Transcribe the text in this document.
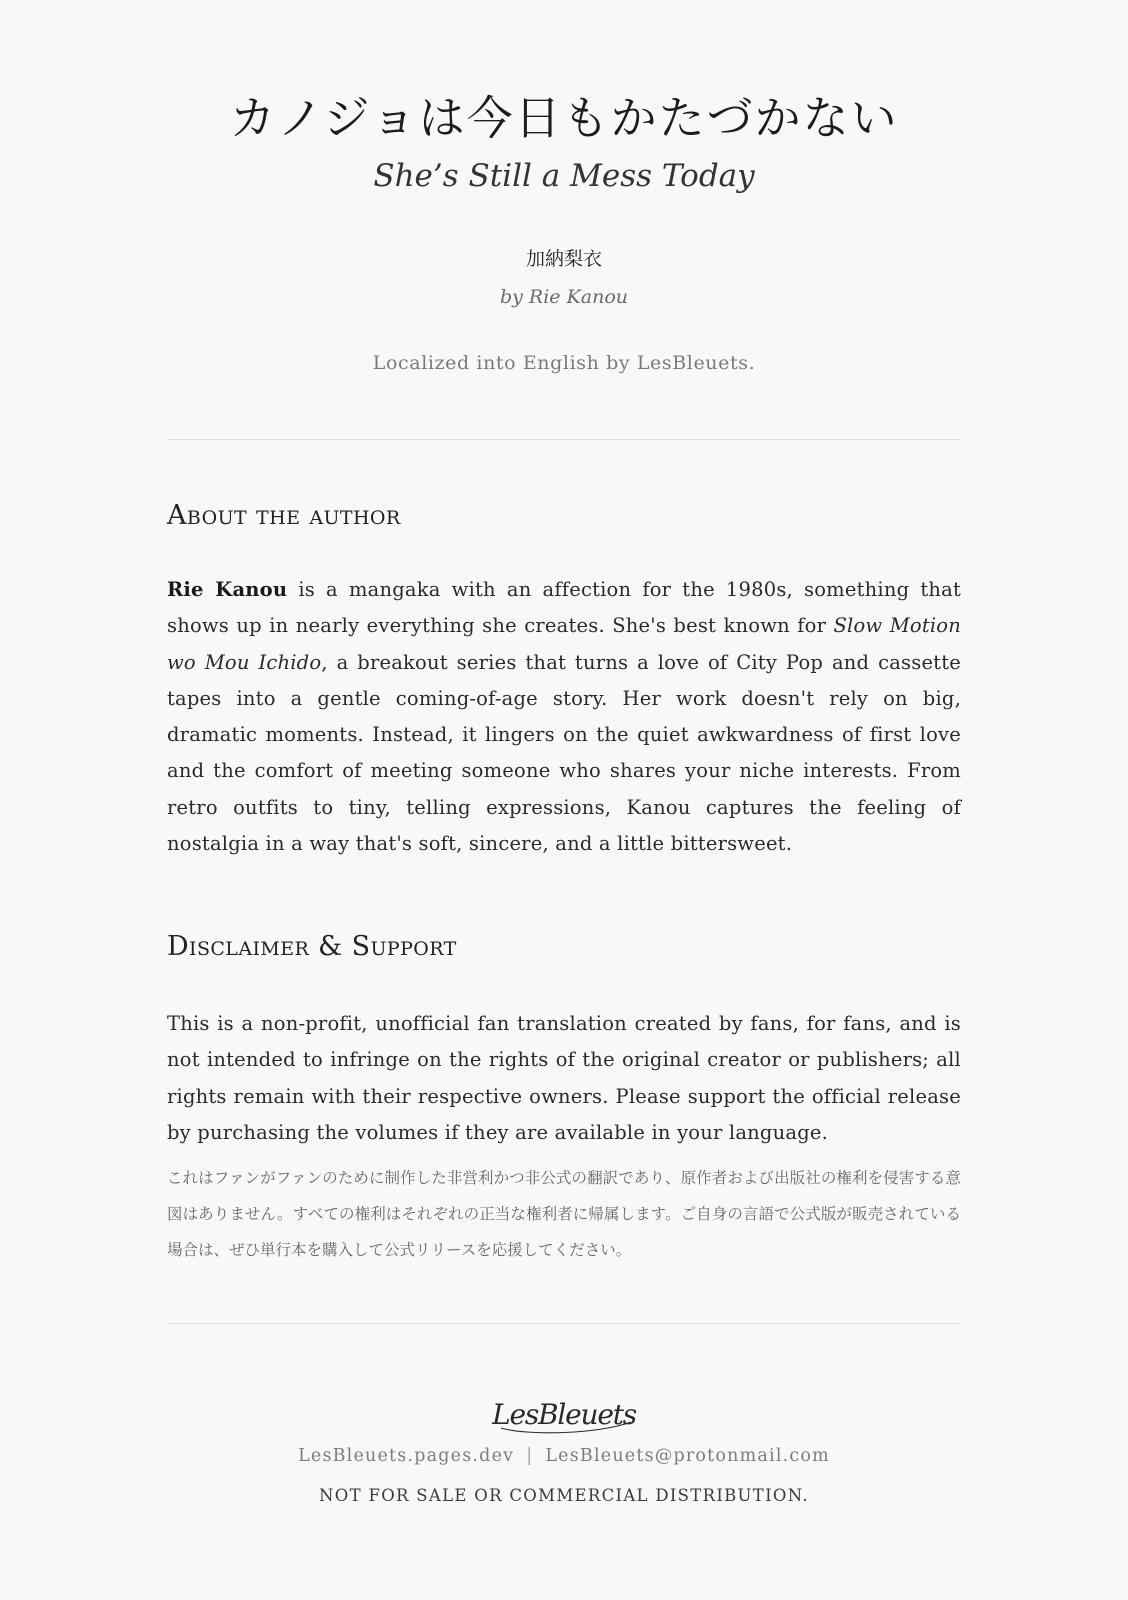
カノジョは今日もかたづかない
She’s Still a Mess Today
加納梨衣
by Rie Kanou
Localized into English by LesBleuets.
About the author
Rie Kanou is a mangaka with an affection for the 1980s, something that shows up in nearly everything she creates. She's best known for Slow Motion wo Mou Ichido, a breakout series that turns a love of City Pop and cassette tapes into a gentle coming-of-age story. Her work doesn't rely on big, dramatic moments. Instead, it lingers on the quiet awkwardness of first love and the comfort of meeting someone who shares your niche interests. From retro outfits to tiny, telling expressions, Kanou captures the feeling of nostalgia in a way that's soft, sincere, and a little bittersweet.
Disclaimer & Support
This is a non-profit, unofficial fan translation created by fans, for fans, and is not intended to infringe on the rights of the original creator or publishers; all rights remain with their respective owners. Please support the official release by purchasing the volumes if they are available in your language.
これはファンがファンのために制作した非営利かつ非公式の翻訳であり、原作者および出版社の権利を侵害する意図はありません。すべての権利はそれぞれの正当な権利者に帰属します。ご自身の言語で公式版が販売されている場合は、ぜひ単行本を購入して公式リリースを応援してください。
LesBleuets
LesBleuets.pages.dev | LesBleuets@protonmail.com
NOT FOR SALE OR COMMERCIAL DISTRIBUTION.
